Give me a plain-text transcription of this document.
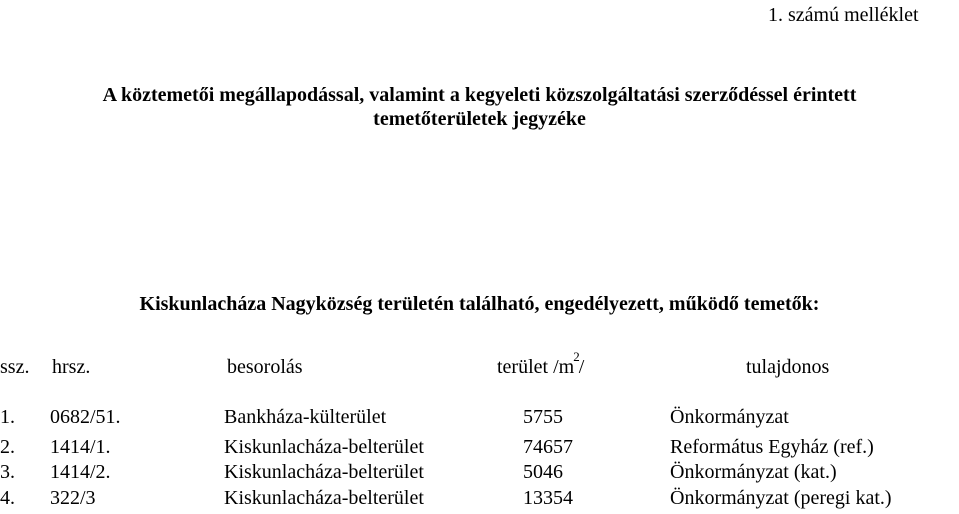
1. számú melléklet
A köztemetői megállapodással, valamint a kegyeleti közszolgáltatási szerződéssel érintett
temetőterületek jegyzéke
Kiskunlacháza Nagyközség területén található, engedélyezett, működő temetők:
ssz. hrsz.	besorolás	terület $/m^2/$	tulajdonos
1. 0682/51.	Bankháza-külterület	5755	Önkormányzat
2. 1414/1.	Kiskunlacháza-belterület	74657	Református Egyház (ref.)
3. 1414/2.	Kiskunlacháza-belterület	5046	Önkormányzat (kat.)
4. 322/3	Kiskunlacháza-belterület	13354	Önkormányzat (peregi kat.)
